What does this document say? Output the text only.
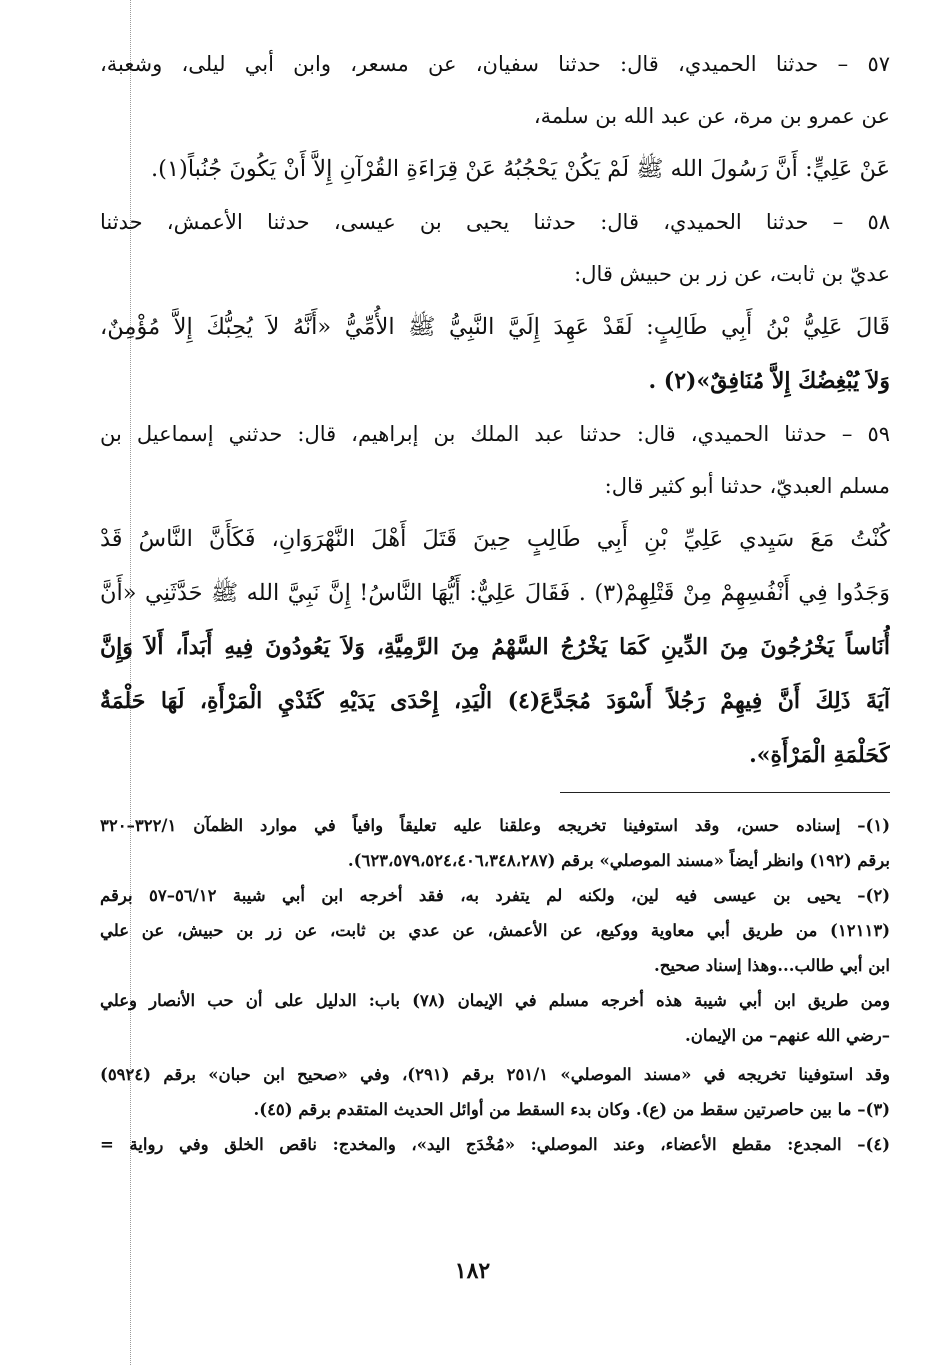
٥٧ – حدثنا الحميدي، قال: حدثنا سفيان، عن مسعر، وابن أبي ليلى، وشعبة،
عن عمرو بن مرة، عن عبد الله بن سلمة،
عَنْ عَلِيٍّ: أَنَّ رَسُولَ الله ﷺ لَمْ يَكُنْ يَحْجُبُهُ عَنْ قِرَاءَةِ القُرْآنِ إِلاَّ أَنْ يَكُونَ جُنُباً(١).
٥٨ – حدثنا الحميدي، قال: حدثنا يحيى بن عيسى، حدثنا الأعمش، حدثنا
عديّ بن ثابت، عن زر بن حبيش قال:
قَالَ عَلِيُّ بْنُ أَبِي طَالِبٍ: لَقَدْ عَهِدَ إِلَيَّ النَّبِيُّ ﷺ الأُمِّيُّ «أَنَّهُ لاَ يُحِبُّكَ إِلاَّ مُؤْمِنٌ،
وَلاَ يُبْغِضُكَ إِلاَّ مُنَافِقٌ»(٢) .
٥٩ – حدثنا الحميدي، قال: حدثنا عبد الملك بن إبراهيم، قال: حدثني إسماعيل بن
مسلم العبديّ، حدثنا أبو كثير قال:
كُنْتُ مَعَ سَيِدي عَلِيِّ بْنِ أَبِي طَالِبٍ حِينَ قَتَلَ أَهْلَ النَّهْرَوَانِ، فَكَأَنَّ النَّاسُ قَدْ
وَجَدُوا فِي أَنْفُسِهِمْ مِنْ قَتْلِهِمْ(٣) . فَقَالَ عَلِيٌّ: أَيُّهَا النَّاسُ! إِنَّ نَبِيَّ الله ﷺ حَدَّثَنِي «أَنَّ
أُنَاساً يَخْرُجُونَ مِنَ الدِّينِ كَمَا يَخْرُجُ السَّهْمُ مِنَ الرَّمِيَّةِ، وَلاَ يَعُودُونَ فِيهِ أَبَداً، أَلاَ وَإِنَّ
آيَةَ ذَلِكَ أَنَّ فِيهِمْ رَجُلاً أَسْوَدَ مُجَدَّعَ(٤) الْيَدِ، إِحْدَى يَدَيْهِ كَثَدْيِ الْمَرْأَةِ، لَهَا حَلْمَةٌ
كَحَلْمَةِ الْمَرْأَةِ».
(١)– إسناده حسن، وقد استوفينا تخريجه وعلقنا عليه تعليقاً وافياً في موارد الظمآن ٣٢٢/١–٣٢٠
برقم (١٩٢) وانظر أيضاً «مسند الموصلي» برقم (٦٢٣،٥٧٩،٥٢٤،٤٠٦،٣٤٨،٢٨٧).
(٢)– يحيى بن عيسى فيه لين، ولكنه لم يتفرد به، فقد أخرجه ابن أبي شيبة ٥٦/١٢–٥٧ برقم
(١٢١١٣) من طريق أبي معاوية ووكيع، عن الأعمش، عن عدي بن ثابت، عن زر بن حبيش، عن علي
ابن أبي طالب...وهذا إسناد صحيح.
ومن طريق ابن أبي شيبة هذه أخرجه مسلم في الإيمان (٧٨) باب: الدليل على أن حب الأنصار وعلي
–رضي الله عنهم– من الإيمان.
وقد استوفينا تخريجه في «مسند الموصلي» ٢٥١/١ برقم (٢٩١)، وفي «صحيح ابن حبان» برقم (٥٩٢٤)
(٣)– ما بين حاصرتين سقط من (ع). وكان بدء السقط من أوائل الحديث المتقدم برقم (٤٥).
(٤)– المجدع: مقطع الأعضاء، وعند الموصلي: «مُخْدَج اليد»، والمخدج: ناقص الخلق وفي رواية =
١٨٢
